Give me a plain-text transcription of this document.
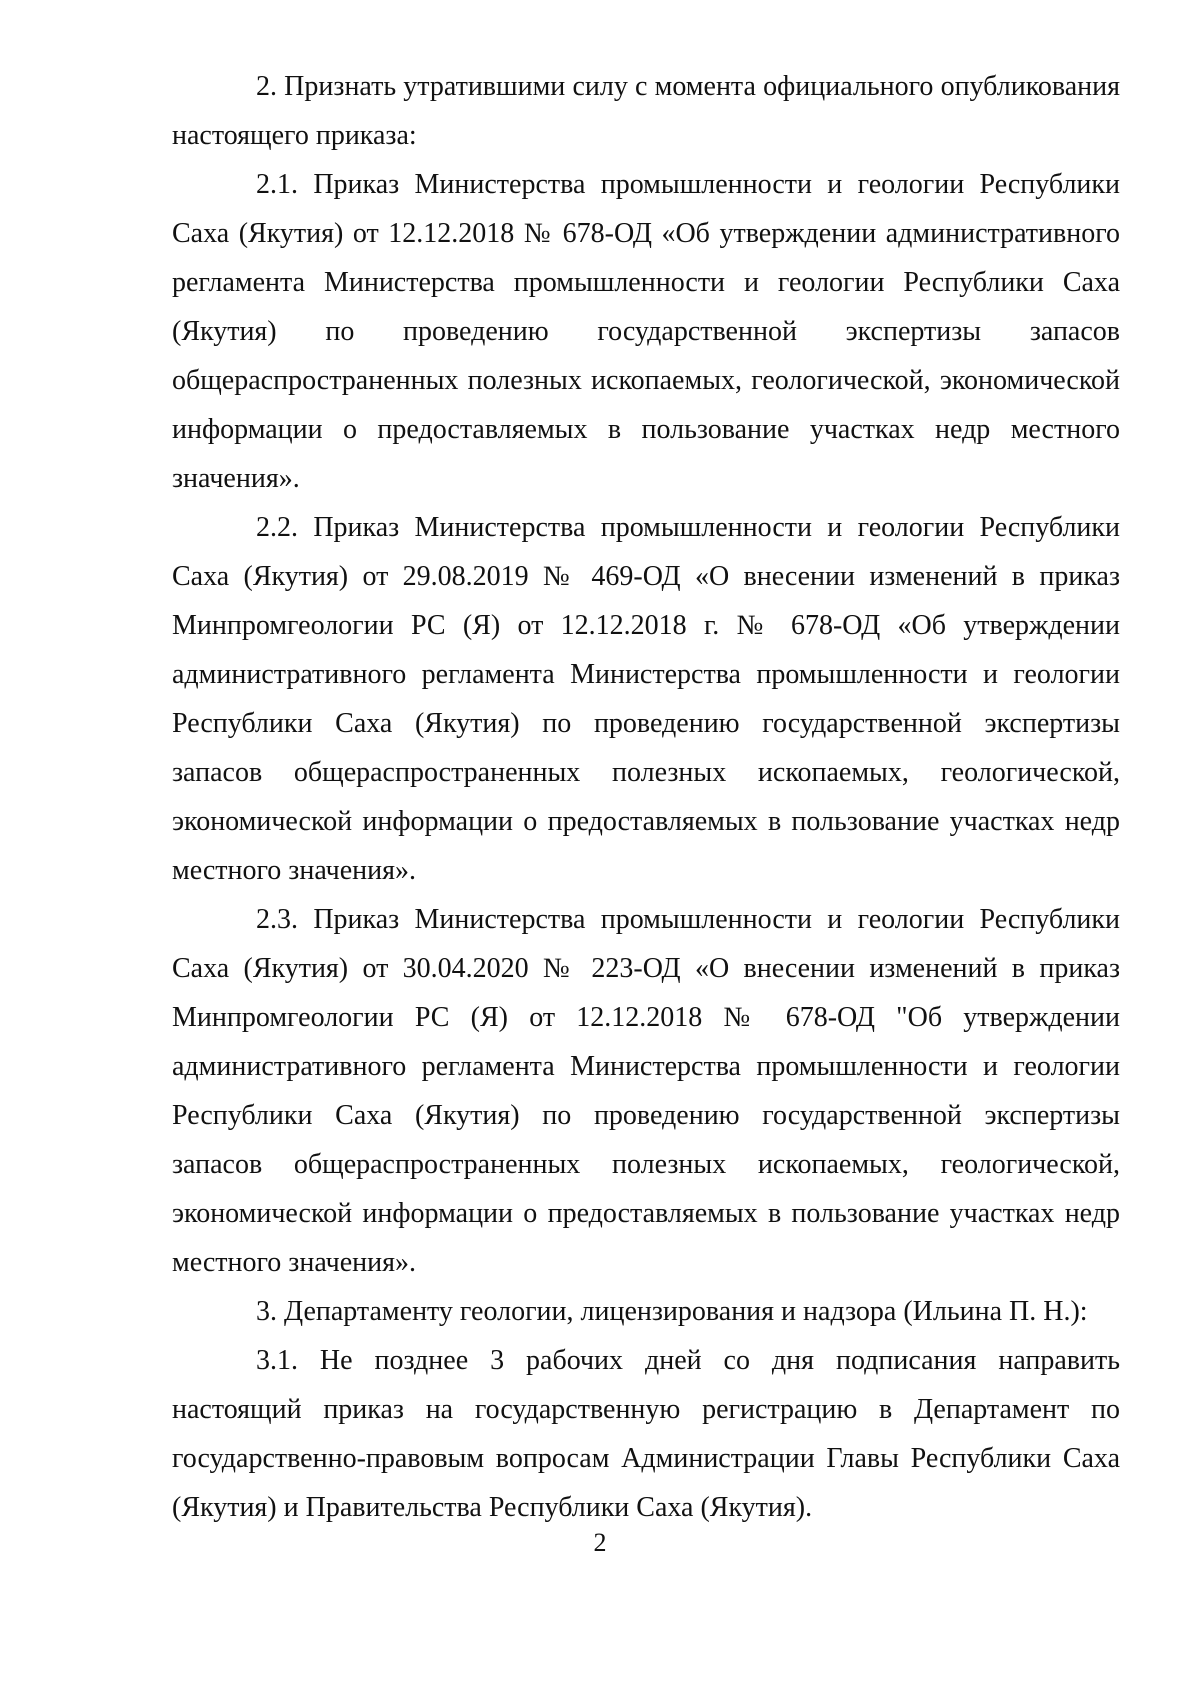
2. Признать утратившими силу с момента официального опубликования настоящего приказа:

2.1. Приказ Министерства промышленности и геологии Республики Саха (Якутия) от 12.12.2018 № 678-ОД «Об утверждении административного регламента Министерства промышленности и геологии Республики Саха (Якутия) по проведению государственной экспертизы запасов общераспространенных полезных ископаемых, геологической, экономической информации о предоставляемых в пользование участках недр местного значения».

2.2. Приказ Министерства промышленности и геологии Республики Саха (Якутия) от 29.08.2019 № 469-ОД «О внесении изменений в приказ Минпромгеологии РС (Я) от 12.12.2018 г. № 678-ОД «Об утверждении административного регламента Министерства промышленности и геологии Республики Саха (Якутия) по проведению государственной экспертизы запасов общераспространенных полезных ископаемых, геологической, экономической информации о предоставляемых в пользование участках недр местного значения».

2.3. Приказ Министерства промышленности и геологии Республики Саха (Якутия) от 30.04.2020 № 223-ОД «О внесении изменений в приказ Минпромгеологии РС (Я) от 12.12.2018 № 678-ОД "Об утверждении административного регламента Министерства промышленности и геологии Республики Саха (Якутия) по проведению государственной экспертизы запасов общераспространенных полезных ископаемых, геологической, экономической информации о предоставляемых в пользование участках недр местного значения».

3. Департаменту геологии, лицензирования и надзора (Ильина П. Н.):

3.1. Не позднее 3 рабочих дней со дня подписания направить настоящий приказ на государственную регистрацию в Департамент по государственно-правовым вопросам Администрации Главы Республики Саха (Якутия) и Правительства Республики Саха (Якутия).

2
